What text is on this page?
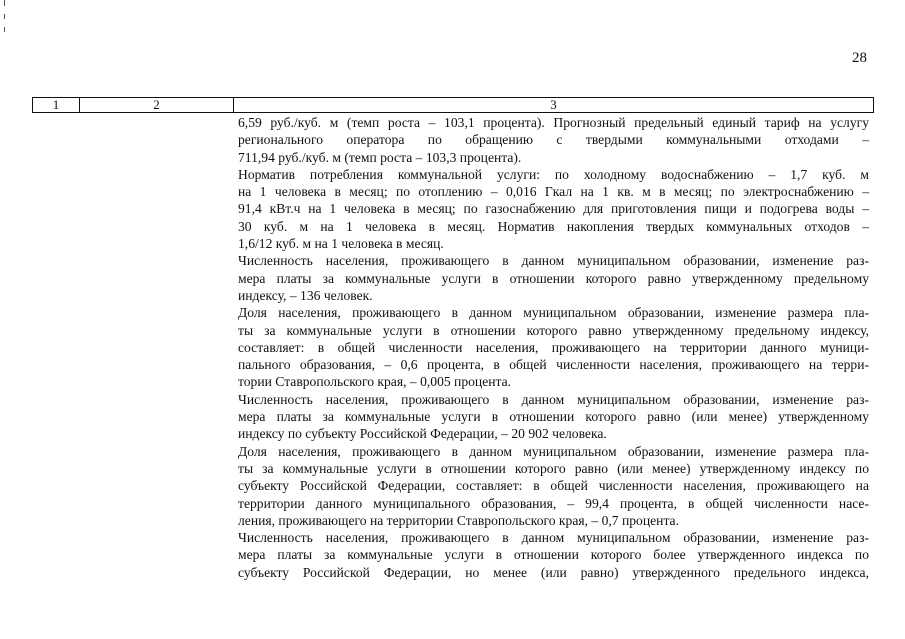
28
1	2	3
6,59 руб./куб. м (темп роста – 103,1 процента). Прогнозный предельный единый тариф на услугу
регионального оператора по обращению с твердыми коммунальными отходами –
711,94 руб./куб. м (темп роста – 103,3 процента).
Норматив потребления коммунальной услуги: по холодному водоснабжению – 1,7 куб. м
на 1 человека в месяц; по отоплению – 0,016 Гкал на 1 кв. м в месяц; по электроснабжению –
91,4 кВт.ч на 1 человека в месяц; по газоснабжению для приготовления пищи и подогрева воды –
30 куб. м на 1 человека в месяц. Норматив накопления твердых коммунальных отходов –
1,6/12 куб. м на 1 человека в месяц.
Численность населения, проживающего в данном муниципальном образовании, изменение раз-
мера платы за коммунальные услуги в отношении которого равно утвержденному предельному
индексу, – 136 человек.
Доля населения, проживающего в данном муниципальном образовании, изменение размера пла-
ты за коммунальные услуги в отношении которого равно утвержденному предельному индексу,
составляет: в общей численности населения, проживающего на территории данного муници-
пального образования, – 0,6 процента, в общей численности населения, проживающего на терри-
тории Ставропольского края, – 0,005 процента.
Численность населения, проживающего в данном муниципальном образовании, изменение раз-
мера платы за коммунальные услуги в отношении которого равно (или менее) утвержденному
индексу по субъекту Российской Федерации, – 20 902 человека.
Доля населения, проживающего в данном муниципальном образовании, изменение размера пла-
ты за коммунальные услуги в отношении которого равно (или менее) утвержденному индексу по
субъекту Российской Федерации, составляет: в общей численности населения, проживающего на
территории данного муниципального образования, – 99,4 процента, в общей численности насе-
ления, проживающего на территории Ставропольского края, – 0,7 процента.
Численность населения, проживающего в данном муниципальном образовании, изменение раз-
мера платы за коммунальные услуги в отношении которого более утвержденного индекса по
субъекту Российской Федерации, но менее (или равно) утвержденного предельного индекса,
